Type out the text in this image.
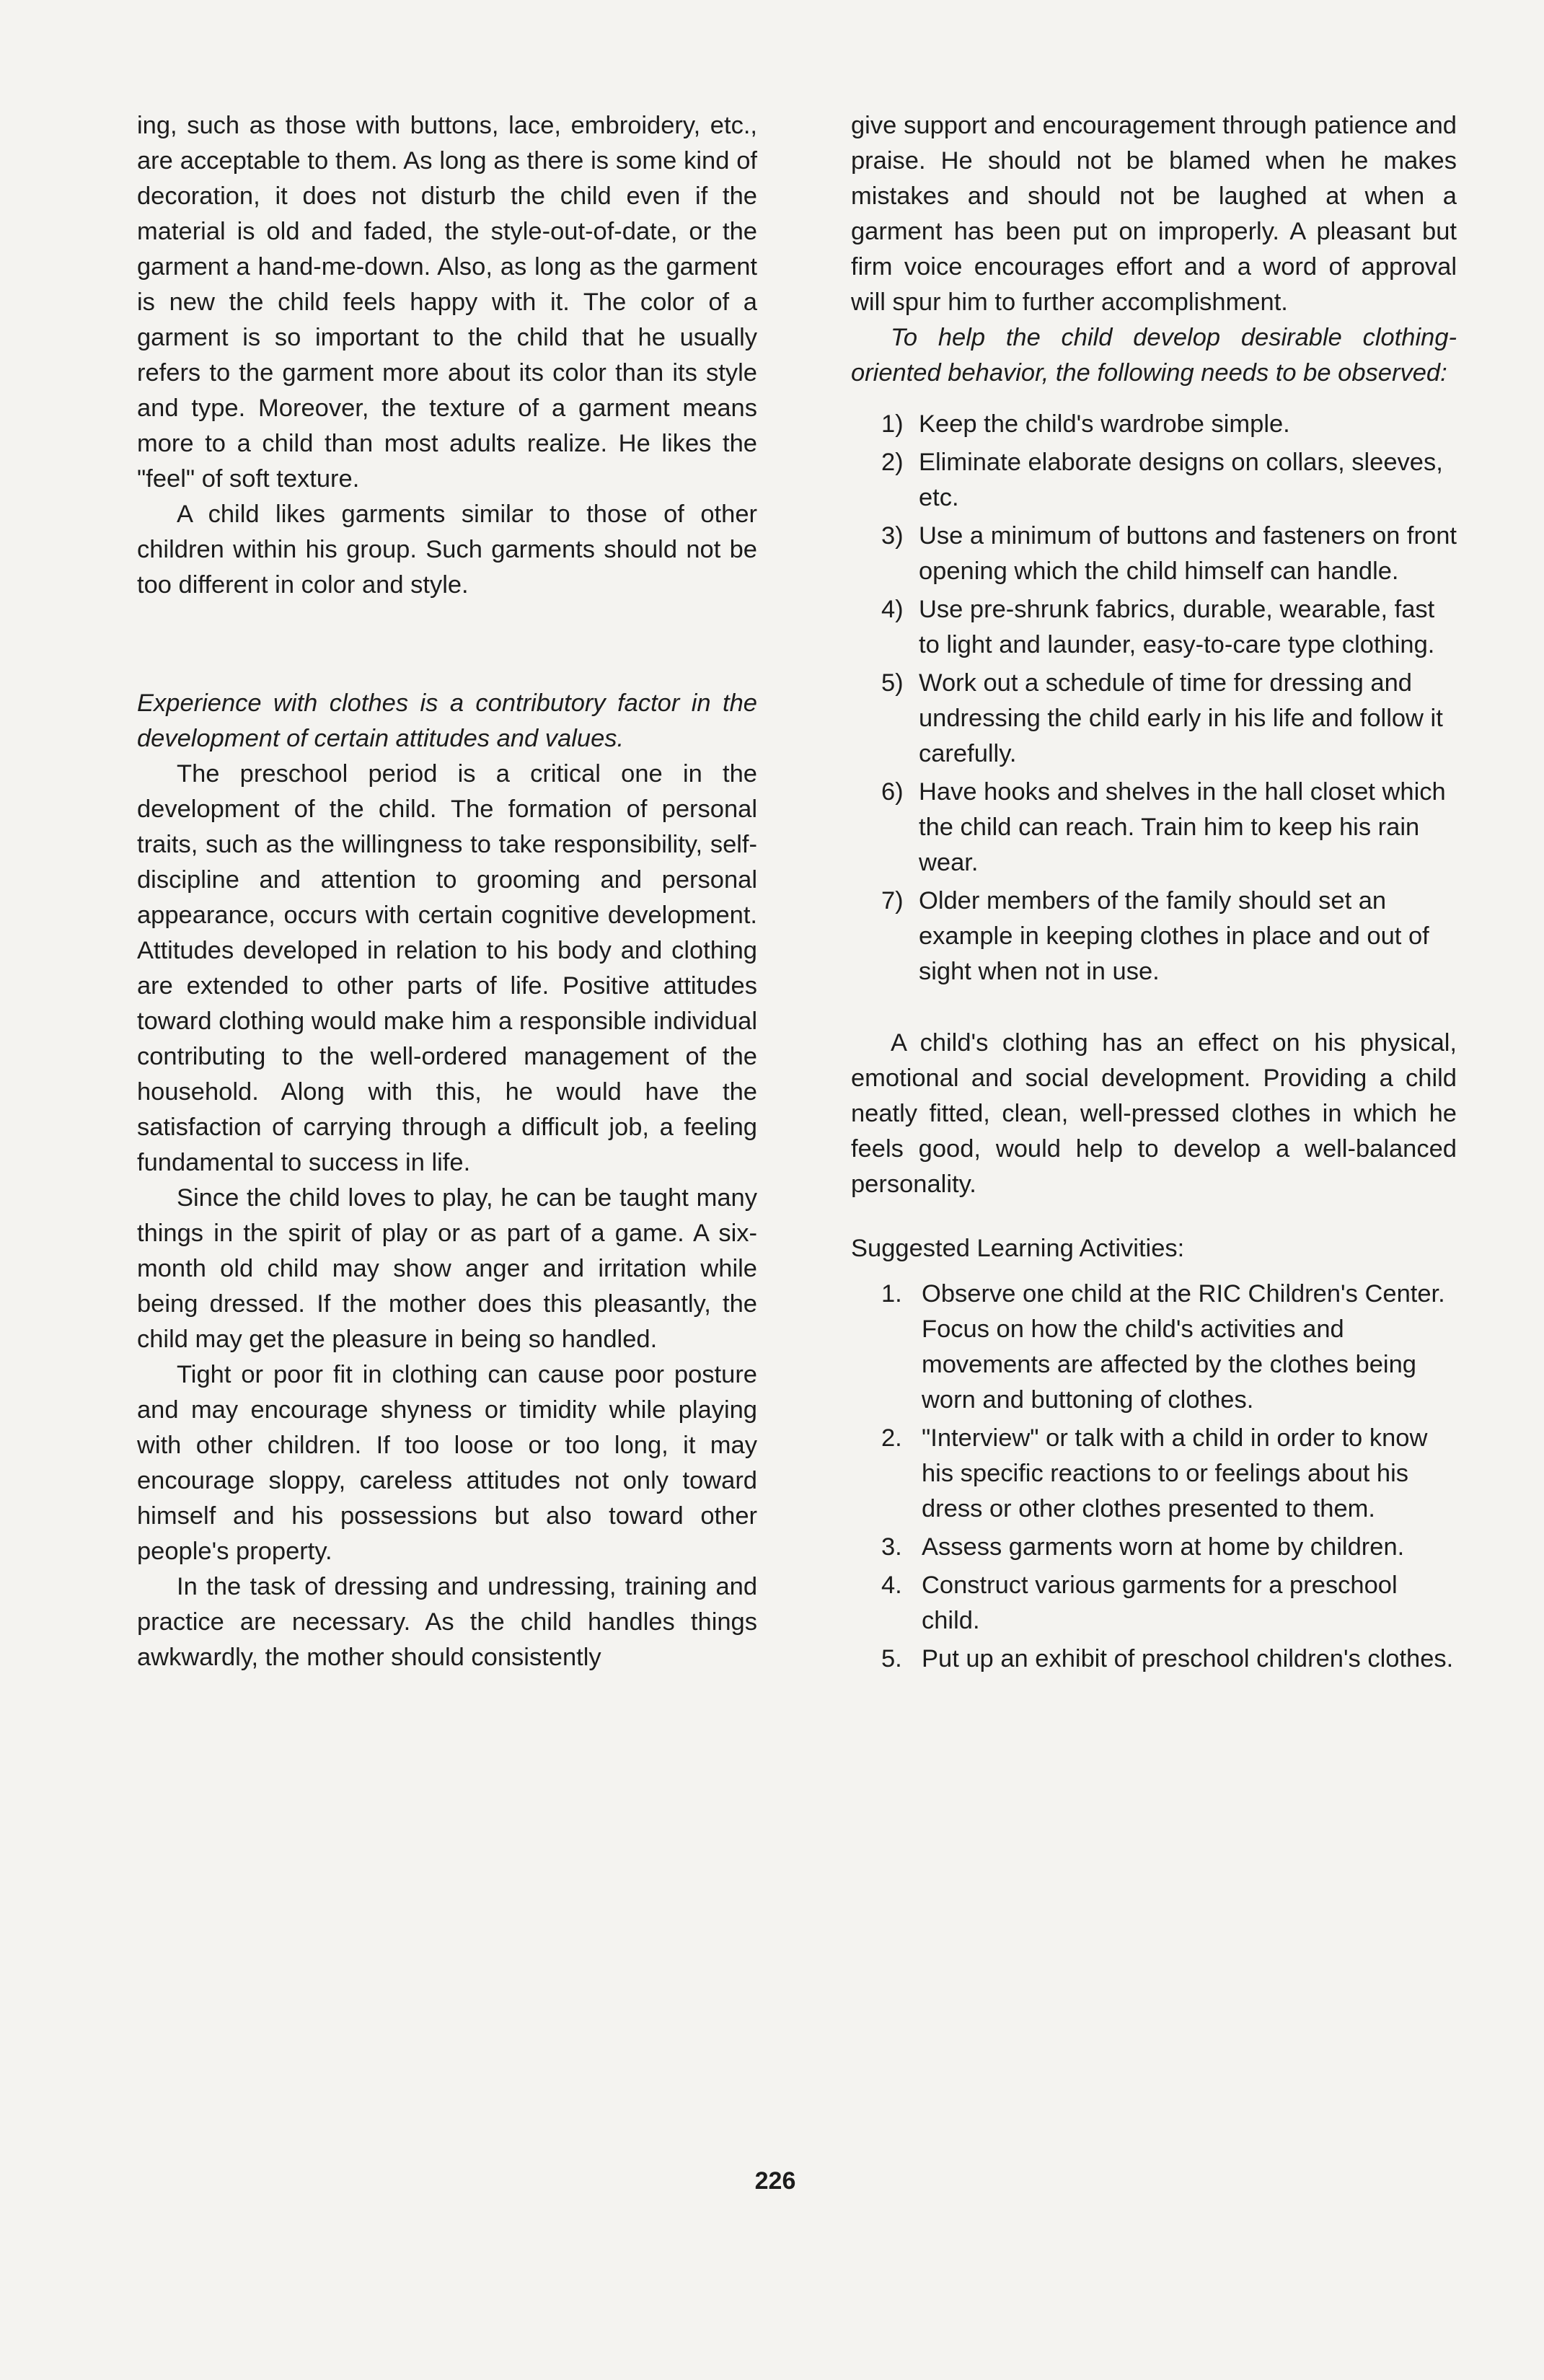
ing, such as those with buttons, lace, embroidery, etc., are acceptable to them. As long as there is some kind of decoration, it does not disturb the child even if the material is old and faded, the style-out-of-date, or the garment a hand-me-down. Also, as long as the garment is new the child feels happy with it. The color of a garment is so important to the child that he usually refers to the garment more about its color than its style and type. Moreover, the texture of a garment means more to a child than most adults realize. He likes the "feel" of soft texture.

A child likes garments similar to those of other children within his group. Such garments should not be too different in color and style.

Experience with clothes is a contributory factor in the development of certain attitudes and values.

The preschool period is a critical one in the development of the child. The formation of personal traits, such as the willingness to take responsibility, self-discipline and attention to grooming and personal appearance, occurs with certain cognitive development. Attitudes developed in relation to his body and clothing are extended to other parts of life. Positive attitudes toward clothing would make him a responsible individual contributing to the well-ordered management of the household. Along with this, he would have the satisfaction of carrying through a difficult job, a feeling fundamental to success in life.

Since the child loves to play, he can be taught many things in the spirit of play or as part of a game. A six-month old child may show anger and irritation while being dressed. If the mother does this pleasantly, the child may get the pleasure in being so handled.

Tight or poor fit in clothing can cause poor posture and may encourage shyness or timidity while playing with other children. If too loose or too long, it may encourage sloppy, careless attitudes not only toward himself and his possessions but also toward other people's property.

In the task of dressing and undressing, training and practice are necessary. As the child handles things awkwardly, the mother should consistently

give support and encouragement through patience and praise. He should not be blamed when he makes mistakes and should not be laughed at when a garment has been put on improperly. A pleasant but firm voice encourages effort and a word of approval will spur him to further accomplishment.

To help the child develop desirable clothing-oriented behavior, the following needs to be observed:

1) Keep the child's wardrobe simple.
2) Eliminate elaborate designs on collars, sleeves, etc.
3) Use a minimum of buttons and fasteners on front opening which the child himself can handle.
4) Use pre-shrunk fabrics, durable, wearable, fast to light and launder, easy-to-care type clothing.
5) Work out a schedule of time for dressing and undressing the child early in his life and follow it carefully.
6) Have hooks and shelves in the hall closet which the child can reach. Train him to keep his rain wear.
7) Older members of the family should set an example in keeping clothes in place and out of sight when not in use.

A child's clothing has an effect on his physical, emotional and social development. Providing a child neatly fitted, clean, well-pressed clothes in which he feels good, would help to develop a well-balanced personality.

Suggested Learning Activities:

1. Observe one child at the RIC Children's Center. Focus on how the child's activities and movements are affected by the clothes being worn and buttoning of clothes.
2. "Interview" or talk with a child in order to know his specific reactions to or feelings about his dress or other clothes presented to them.
3. Assess garments worn at home by children.
4. Construct various garments for a preschool child.
5. Put up an exhibit of preschool children's clothes.
226
